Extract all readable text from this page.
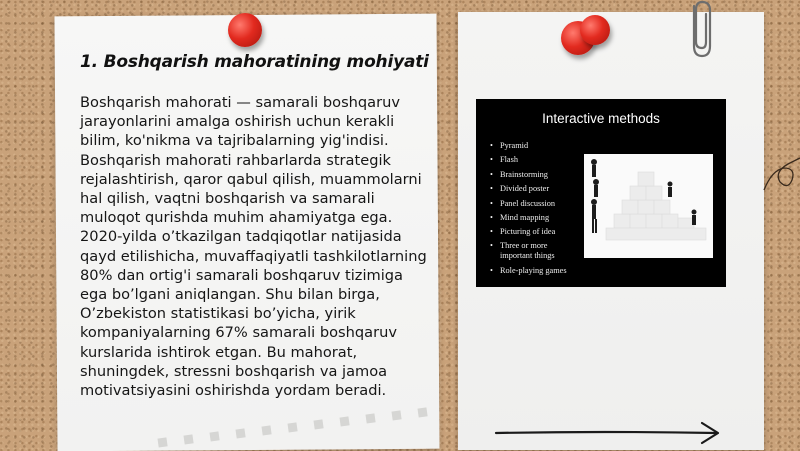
1. Boshqarish mahoratining mohiyati

Boshqarish mahorati — samarali boshqaruv jarayonlarini amalga oshirish uchun kerakli bilim, ko'nikma va tajribalarning yig'indisi. Boshqarish mahorati rahbarlarda strategik rejalashtirish, qaror qabul qilish, muammolarni hal qilish, vaqtni boshqarish va samarali muloqot qurishda muhim ahamiyatga ega. 2020-yilda o’tkazilgan tadqiqotlar natijasida qayd etilishicha, muvaffaqiyatli tashkilotlarning 80% dan ortig'i samarali boshqaruv tizimiga ega bo’lgani aniqlangan. Shu bilan birga, O’zbekiston statistikasi bo’yicha, yirik kompaniyalarning 67% samarali boshqaruv kurslarida ishtirok etgan. Bu mahorat, shuningdek, stressni boshqarish va jamoa motivatsiyasini oshirishda yordam beradi.

Interactive methods
• Pyramid
• Flash
• Brainstorming
• Divided poster
• Panel discussion
• Mind mapping
• Picturing of idea
• Three or more important things
• Role-playing games
